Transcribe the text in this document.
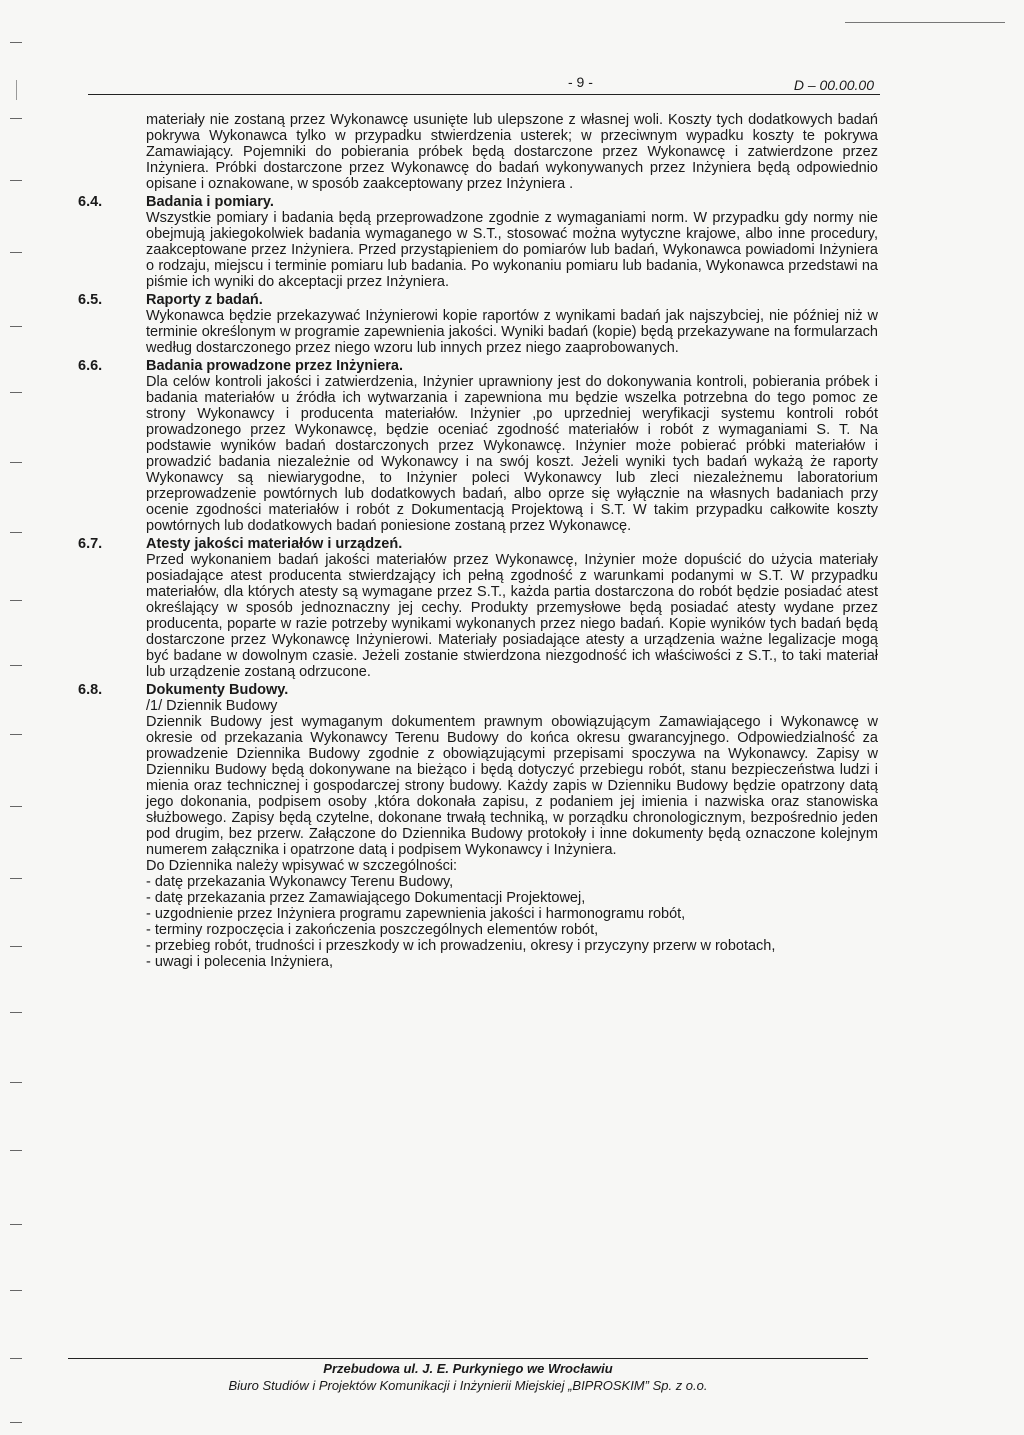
- 9 -	D – 00.00.00

materiały nie zostaną przez Wykonawcę usunięte lub ulepszone z własnej woli. Koszty tych dodatkowych badań pokrywa Wykonawca tylko w przypadku stwierdzenia usterek; w przeciwnym wypadku koszty te pokrywa Zamawiający. Pojemniki do pobierania próbek będą dostarczone przez Wykonawcę i zatwierdzone przez Inżyniera. Próbki dostarczone przez Wykonawcę do badań wykonywanych przez Inżyniera będą odpowiednio opisane i oznakowane, w sposób zaakceptowany przez Inżyniera .

6.4.	Badania i pomiary.

Wszystkie pomiary i badania będą przeprowadzone zgodnie z wymaganiami norm. W przypadku gdy normy nie obejmują jakiegokolwiek badania wymaganego w S.T., stosować można wytyczne krajowe, albo inne procedury, zaakceptowane przez Inżyniera. Przed przystąpieniem do pomiarów lub badań, Wykonawca powiadomi Inżyniera o rodzaju, miejscu i terminie pomiaru lub badania. Po wykonaniu pomiaru lub badania, Wykonawca przedstawi na piśmie ich wyniki do akceptacji przez Inżyniera.

6.5.	Raporty z badań.

Wykonawca będzie przekazywać Inżynierowi kopie raportów z wynikami badań jak najszybciej, nie później niż w terminie określonym w programie zapewnienia jakości. Wyniki badań (kopie) będą przekazywane na formularzach według dostarczonego przez niego wzoru lub innych przez niego zaaprobowanych.

6.6.	Badania prowadzone przez Inżyniera.

Dla celów kontroli jakości i zatwierdzenia, Inżynier uprawniony jest do dokonywania kontroli, pobierania próbek i badania materiałów u źródła ich wytwarzania i zapewniona mu będzie wszelka potrzebna do tego pomoc ze strony Wykonawcy i producenta materiałów. Inżynier ,po uprzedniej weryfikacji systemu kontroli robót prowadzonego przez Wykonawcę, będzie oceniać zgodność materiałów i robót z wymaganiami S. T. Na podstawie wyników badań dostarczonych przez Wykonawcę. Inżynier może pobierać próbki materiałów i prowadzić badania niezależnie od Wykonawcy i na swój koszt. Jeżeli wyniki tych badań wykażą że raporty Wykonawcy są niewiarygodne, to Inżynier poleci Wykonawcy lub zleci niezależnemu laboratorium przeprowadzenie powtórnych lub dodatkowych badań, albo oprze się wyłącznie na własnych badaniach przy ocenie zgodności materiałów i robót z Dokumentacją Projektową i S.T. W takim przypadku całkowite koszty powtórnych lub dodatkowych badań poniesione zostaną przez Wykonawcę.

6.7.	Atesty jakości materiałów i urządzeń.

Przed wykonaniem badań jakości materiałów przez Wykonawcę, Inżynier może dopuścić do użycia materiały posiadające atest producenta stwierdzający ich pełną zgodność z warunkami podanymi w S.T. W przypadku materiałów, dla których atesty są wymagane przez S.T., każda partia dostarczona do robót będzie posiadać atest określający w sposób jednoznaczny jej cechy. Produkty przemysłowe będą posiadać atesty wydane przez producenta, poparte w razie potrzeby wynikami wykonanych przez niego badań. Kopie wyników tych badań będą dostarczone przez Wykonawcę Inżynierowi. Materiały posiadające atesty a urządzenia ważne legalizacje mogą być badane w dowolnym czasie. Jeżeli zostanie stwierdzona niezgodność ich właściwości z S.T., to taki materiał lub urządzenie zostaną odrzucone.

6.8.	Dokumenty Budowy.

/1/ Dziennik Budowy

Dziennik Budowy jest wymaganym dokumentem prawnym obowiązującym Zamawiającego i Wykonawcę w okresie od przekazania Wykonawcy Terenu Budowy do końca okresu gwarancyjnego. Odpowiedzialność za prowadzenie Dziennika Budowy zgodnie z obowiązującymi przepisami spoczywa na Wykonawcy. Zapisy w Dzienniku Budowy będą dokonywane na bieżąco i będą dotyczyć przebiegu robót, stanu bezpieczeństwa ludzi i mienia oraz technicznej i gospodarczej strony budowy. Każdy zapis w Dzienniku Budowy będzie opatrzony datą jego dokonania, podpisem osoby ,która dokonała zapisu, z podaniem jej imienia i nazwiska oraz stanowiska służbowego. Zapisy będą czytelne, dokonane trwałą techniką, w porządku chronologicznym, bezpośrednio jeden pod drugim, bez przerw. Załączone do Dziennika Budowy protokoły i inne dokumenty będą oznaczone kolejnym numerem załącznika i opatrzone datą i podpisem Wykonawcy i Inżyniera.

Do Dziennika należy wpisywać w szczególności:

- datę przekazania Wykonawcy Terenu Budowy,
- datę przekazania przez Zamawiającego Dokumentacji Projektowej,
- uzgodnienie przez Inżyniera programu zapewnienia jakości i harmonogramu robót,
- terminy rozpoczęcia i zakończenia poszczególnych elementów robót,
- przebieg robót, trudności i przeszkody w ich prowadzeniu, okresy i przyczyny przerw w robotach,
- uwagi i polecenia Inżyniera,
Przebudowa ul. J. E. Purkyniego we Wrocławiu
Biuro Studiów i Projektów Komunikacji i Inżynierii Miejskiej „BIPROSKIM” Sp. z o.o.
